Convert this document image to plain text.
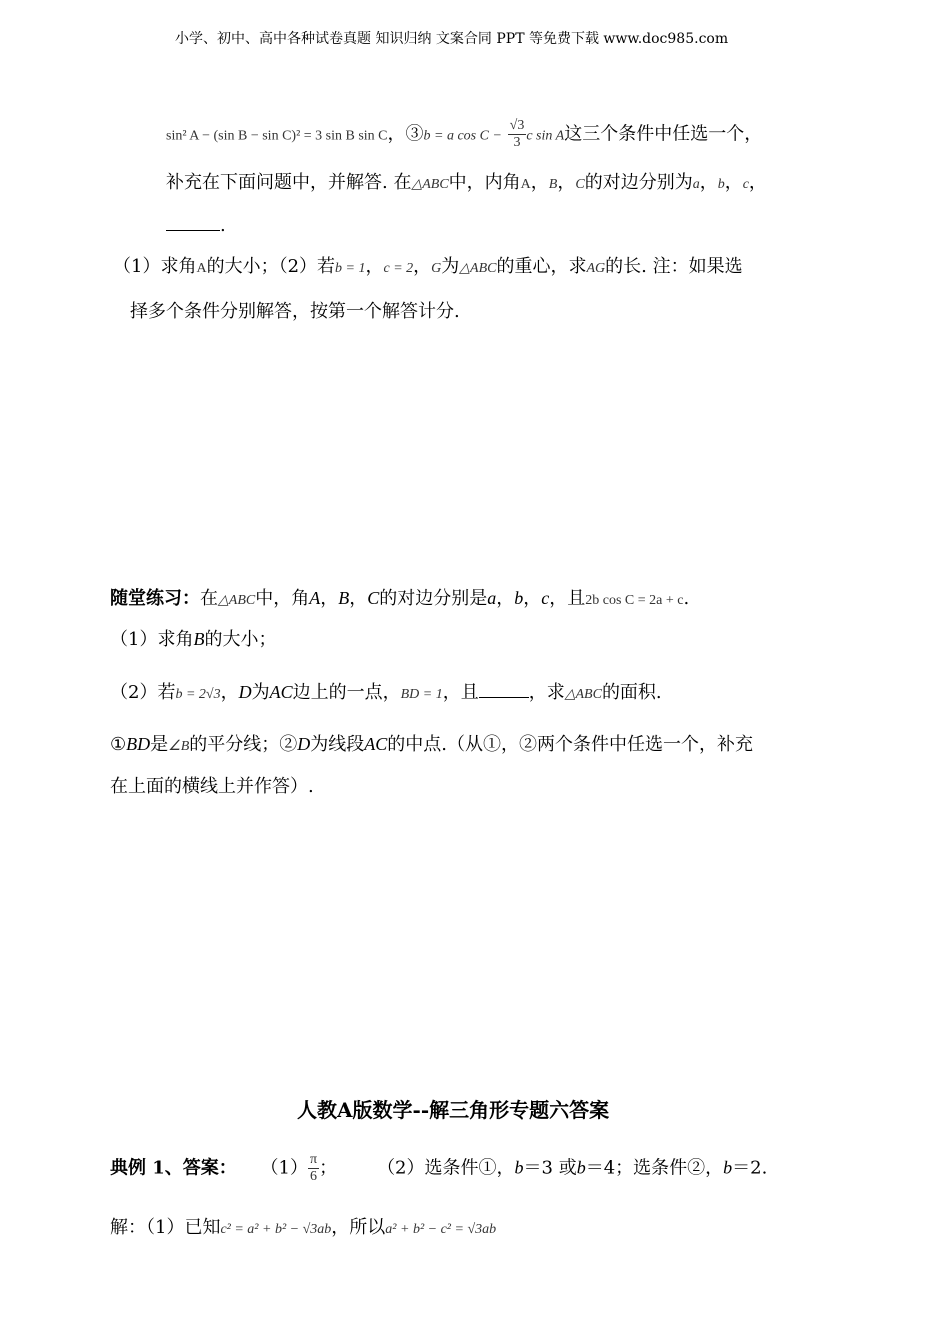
小学、初中、高中各种试卷真题 知识归纳 文案合同 PPT 等免费下载 www.doc985.com
sin² A − (sin B − sin C)² = 3 sin B sin C，③b = a $\cos C - \frac{√3}{3}$ c sin A这三个条件中任选一个，
补充在下面问题中，并解答. 在△ABC中，内角A，B，C的对边分别为a，b，c，
.
（1）求角A的大小；（2）若b = 1，c = 2，G为△ABC的重心，求AG的长. 注：如果选
择多个条件分别解答，按第一个解答计分.
随堂练习：在△ABC中，角A，B，C的对边分别是a，b，c，且2b cos C = 2a + c.
（1）求角B的大小；
（2）若b = 2√3，D为AC边上的一点，BD = 1，且	，求△ABC的面积.
①BD是∠B的平分线；②D为线段AC的中点.（从①，②两个条件中任选一个，补充
在上面的横线上并作答）.
人教A版数学--解三角形专题六答案
典例 1、答案： $(1) \frac{\pi}{6}$ ； （2）选条件①，b＝3 或b＝4；选条件②，b＝2.
解：（1）已知c² = a² + b² − √3ab，所以a² + b² − c² = √3ab
